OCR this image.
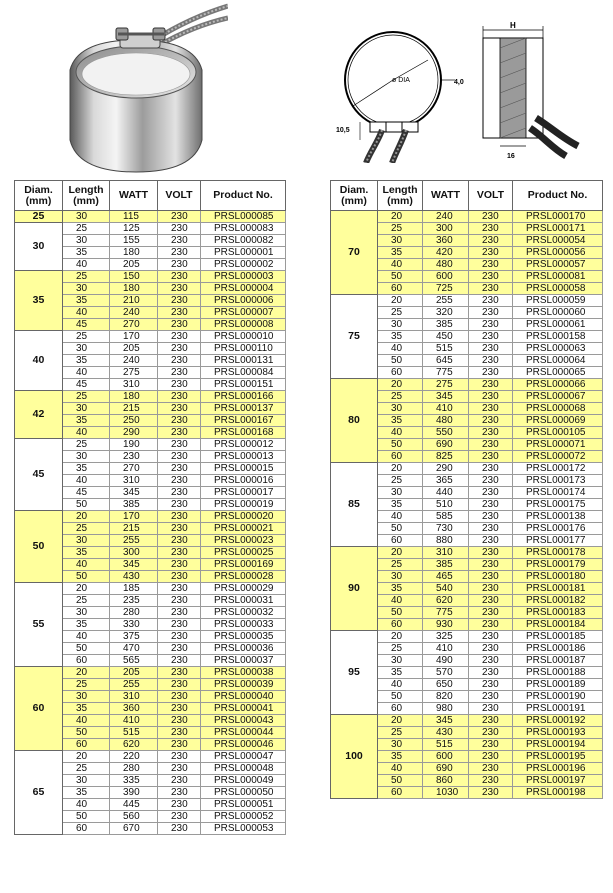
ø DIA	4,0
10,5
H
16
Diam.
(mm)	Length
(mm)	WATT	VOLT	Product No.
25	30	115	230	PRSL000085
30	25	125	230	PRSL000083
	30	155	230	PRSL000082
	35	180	230	PRSL000001
	40	205	230	PRSL000002
35	25	150	230	PRSL000003
	30	180	230	PRSL000004
	35	210	230	PRSL000006
	40	240	230	PRSL000007
	45	270	230	PRSL000008
40	25	170	230	PRSL000010
	30	205	230	PRSL000110
	35	240	230	PRSL000131
	40	275	230	PRSL000084
	45	310	230	PRSL000151
42	25	180	230	PRSL000166
	30	215	230	PRSL000137
	35	250	230	PRSL000167
	40	290	230	PRSL000168
45	25	190	230	PRSL000012
	30	230	230	PRSL000013
	35	270	230	PRSL000015
	40	310	230	PRSL000016
	45	345	230	PRSL000017
	50	385	230	PRSL000019
50	20	170	230	PRSL000020
	25	215	230	PRSL000021
	30	255	230	PRSL000023
	35	300	230	PRSL000025
	40	345	230	PRSL000169
	50	430	230	PRSL000028
55	20	185	230	PRSL000029
	25	235	230	PRSL000031
	30	280	230	PRSL000032
	35	330	230	PRSL000033
	40	375	230	PRSL000035
	50	470	230	PRSL000036
	60	565	230	PRSL000037
60	20	205	230	PRSL000038
	25	255	230	PRSL000039
	30	310	230	PRSL000040
	35	360	230	PRSL000041
	40	410	230	PRSL000043
	50	515	230	PRSL000044
	60	620	230	PRSL000046
65	20	220	230	PRSL000047
	25	280	230	PRSL000048
	30	335	230	PRSL000049
	35	390	230	PRSL000050
	40	445	230	PRSL000051
	50	560	230	PRSL000052
	60	670	230	PRSL000053
Diam.
(mm)	Length
(mm)	WATT	VOLT	Product No.
70	20	240	230	PRSL000170
	25	300	230	PRSL000171
	30	360	230	PRSL000054
	35	420	230	PRSL000056
	40	480	230	PRSL000057
	50	600	230	PRSL000081
	60	725	230	PRSL000058
75	20	255	230	PRSL000059
	25	320	230	PRSL000060
	30	385	230	PRSL000061
	35	450	230	PRSL000158
	40	515	230	PRSL000063
	50	645	230	PRSL000064
	60	775	230	PRSL000065
80	20	275	230	PRSL000066
	25	345	230	PRSL000067
	30	410	230	PRSL000068
	35	480	230	PRSL000069
	40	550	230	PRSL000105
	50	690	230	PRSL000071
	60	825	230	PRSL000072
85	20	290	230	PRSL000172
	25	365	230	PRSL000173
	30	440	230	PRSL000174
	35	510	230	PRSL000175
	40	585	230	PRSL000138
	50	730	230	PRSL000176
	60	880	230	PRSL000177
90	20	310	230	PRSL000178
	25	385	230	PRSL000179
	30	465	230	PRSL000180
	35	540	230	PRSL000181
	40	620	230	PRSL000182
	50	775	230	PRSL000183
	60	930	230	PRSL000184
95	20	325	230	PRSL000185
	25	410	230	PRSL000186
	30	490	230	PRSL000187
	35	570	230	PRSL000188
	40	650	230	PRSL000189
	50	820	230	PRSL000190
	60	980	230	PRSL000191
100	20	345	230	PRSL000192
	25	430	230	PRSL000193
	30	515	230	PRSL000194
	35	600	230	PRSL000195
	40	690	230	PRSL000196
	50	860	230	PRSL000197
	60	1030	230	PRSL000198
